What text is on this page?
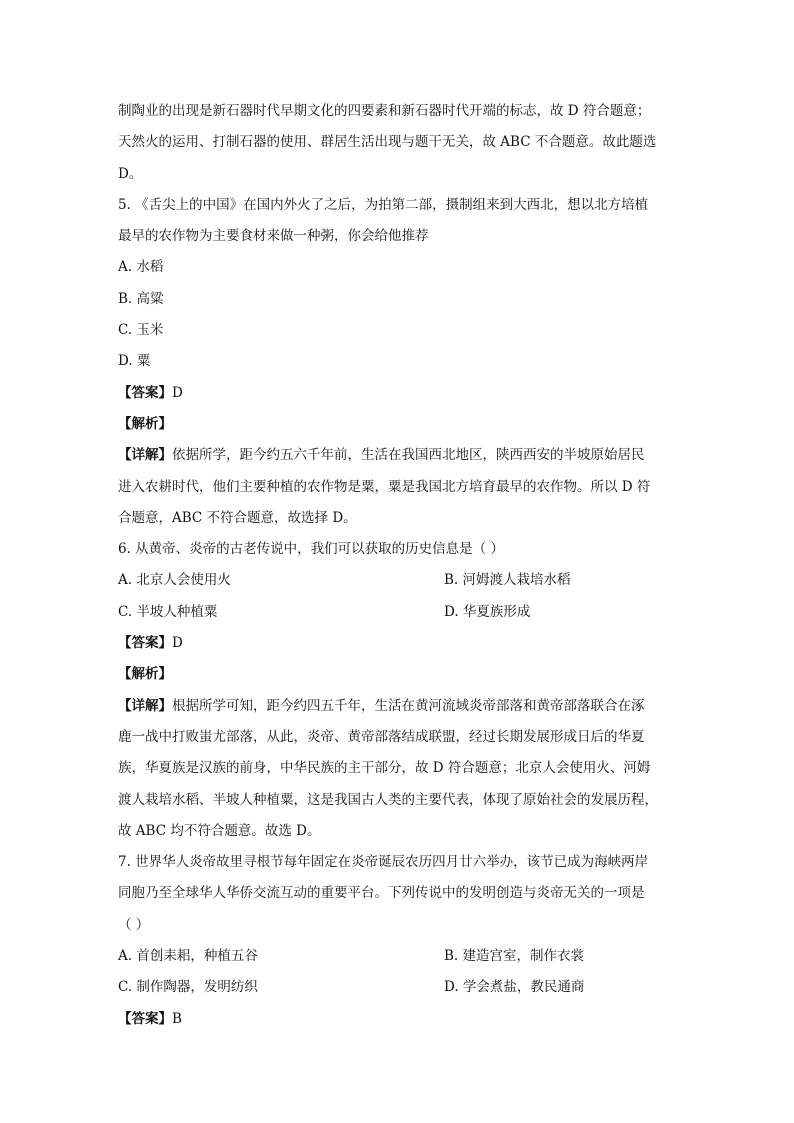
制陶业的出现是新石器时代早期文化的四要素和新石器时代开端的标志，故 D 符合题意；
天然火的运用、打制石器的使用、群居生活出现与题干无关，故 ABC 不合题意。故此题选
D。
5. 《舌尖上的中国》在国内外火了之后，为拍第二部，摄制组来到大西北，想以北方培植
最早的农作物为主要食材来做一种粥，你会给他推荐
A. 水稻
B. 高粱
C. 玉米
D. 粟
【答案】D
【解析】
【详解】依据所学，距今约五六千年前，生活在我国西北地区，陕西西安的半坡原始居民
进入农耕时代，他们主要种植的农作物是粟，粟是我国北方培育最早的农作物。所以 D 符
合题意，ABC 不符合题意，故选择 D。
6. 从黄帝、炎帝的古老传说中，我们可以获取的历史信息是（ ）
A. 北京人会使用火	B. 河姆渡人栽培水稻
C. 半坡人种植粟	D. 华夏族形成
【答案】D
【解析】
【详解】根据所学可知，距今约四五千年，生活在黄河流域炎帝部落和黄帝部落联合在涿
鹿一战中打败蚩尤部落，从此，炎帝、黄帝部落结成联盟，经过长期发展形成日后的华夏
族，华夏族是汉族的前身，中华民族的主干部分，故 D 符合题意；北京人会使用火、河姆
渡人栽培水稻、半坡人种植粟，这是我国古人类的主要代表，体现了原始社会的发展历程，
故 ABC 均不符合题意。故选 D。
7. 世界华人炎帝故里寻根节每年固定在炎帝诞辰农历四月廿六举办，该节已成为海峡两岸
同胞乃至全球华人华侨交流互动的重要平台。下列传说中的发明创造与炎帝无关的一项是
（ ）
A. 首创耒耜，种植五谷	B. 建造宫室，制作衣裳
C. 制作陶器，发明纺织	D. 学会煮盐，教民通商
【答案】B
